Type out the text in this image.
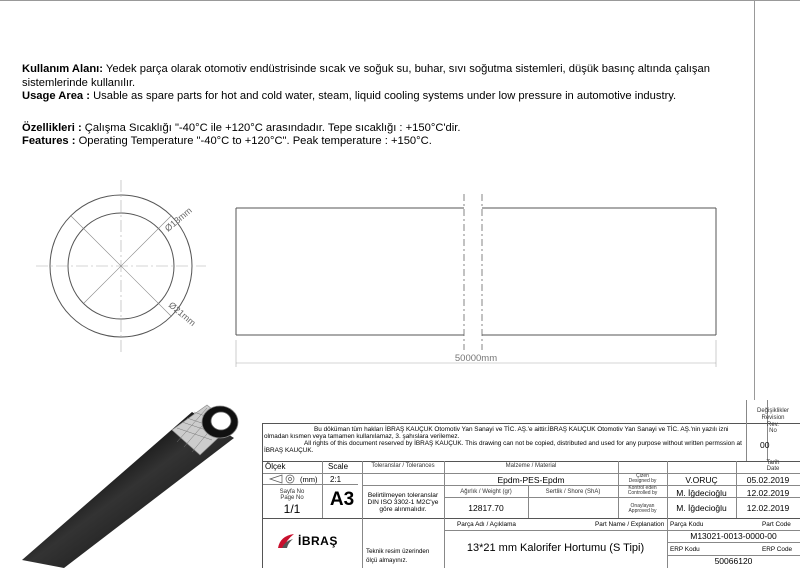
Kullanım Alanı: Yedek parça olarak otomotiv endüstrisinde sıcak ve soğuk su, buhar, sıvı soğutma sistemleri, düşük basınç altında çalışan
sistemlerinde kullanılır.
Usage Area : Usable as spare parts for hot and cold water, steam, liquid cooling systems under low pressure in automotive industry.
Özellikleri : Çalışma Sıcaklığı "-40°C ile +120°C arasındadır. Tepe sıcaklığı : +150°C'dir.
Features : Operating Temperature "-40°C to +120°C". Peak temperature : +150°C.
Ø13mm
Ø21mm
50000mm
Değişiklikler
Revision
Rev.
No
00
Tarih
Date
Bu döküman tüm hakları İBRAŞ KAUÇUK Otomotiv Yan Sanayi ve TİC. AŞ.'e aittir.İBRAŞ KAUÇUK Otomotiv Yan Sanayi ve TİC. AŞ.'nin yazılı izni olmadan kısmen veya tamamen kullanılamaz, 3. şahıslara verilemez.
All rights of this document reserved by İBRAŞ KAUÇUK. This drawing can not be copied, distributed and used for any purpose without written permssion at İBRAŞ KAUÇUK.
Ölçek	Scale
(mm) 2:1
Sayfa No
Page No
1/1	A3
İBRAŞ
Toleranslar / Tolerances
Belirtilmeyen toleranslar DIN ISO 3302-1 M2C'ye göre alınmalıdır.
Teknik resim üzerinden ölçü almayınız.
Malzeme / Material
Epdm-PES-Epdm
Ağırlık / Weight (gr)
12817.70
Sertlik / Shore (ShA)
Çizen
Designed by	V.ORUÇ	05.02.2019
Kontrol eden
Controlled by	M. İğdecioğlu	12.02.2019
Onaylayan
Approved by	M. İğdecioğlu	12.02.2019
Parça Adı / Açıklama	Part Name / Explanation
13*21 mm Kalorifer Hortumu (S Tipi)
Parça Kodu	Part Code
M13021-0013-0000-00
ERP Kodu	ERP Code
50066120
